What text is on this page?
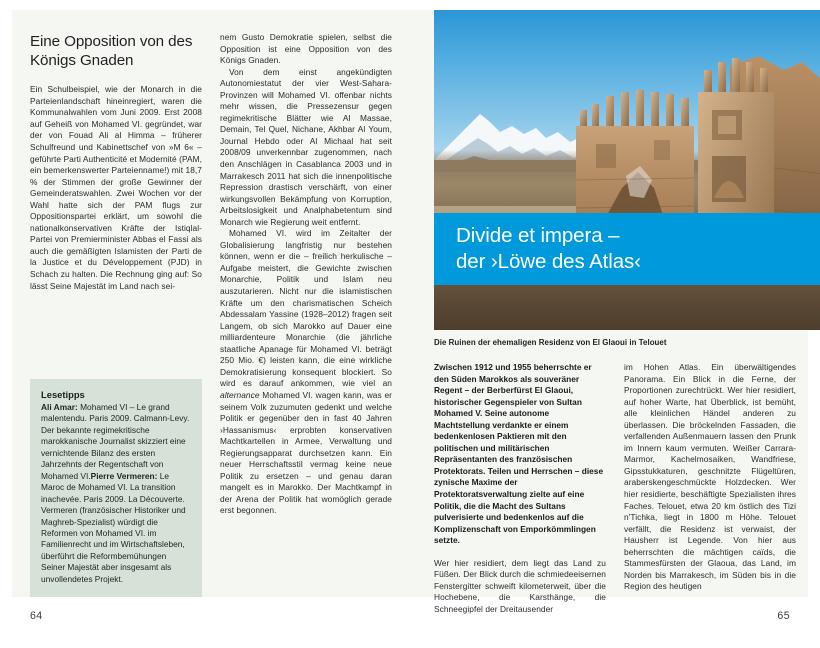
Eine Opposition von des Königs Gnaden

Ein Schulbeispiel, wie der Monarch in die Parteienlandschaft hineinregiert, waren die Kommunalwahlen vom Juni 2009. Erst 2008 auf Geheiß von Mohamed VI. gegründet, war der von Fouad Ali al Himma – früherer Schulfreund und Kabinettschef von »M 6« – geführte Parti Authenticité et Modernité (PAM, ein bemerkenswerter Parteienname!) mit 18,7 % der Stimmen der große Gewinner der Gemeinderatswahlen. Zwei Wochen vor der Wahl hatte sich der PAM flugs zur Oppositionspartei erklärt, um sowohl die nationalkonservativen Kräfte der Istiqlal-Partei von Premierminister Abbas el Fassi als auch die gemäßigten Islamisten der Parti de la Justice et du Développement (PJD) in Schach zu halten. Die Rechnung ging auf: So lässt Seine Majestät im Land nach sei-

Lesetipps

Ali Amar: Mohamed VI – Le grand malentendu. Paris 2009. Calmann-Levy. Der bekannte regimekritische marokkanische Journalist skizziert eine vernichtende Bilanz des ersten Jahrzehnts der Regentschaft von Mohamed VI.Pierre Vermeren: Le Maroc de Mohamed VI. La transition inachevée. Paris 2009. La Découverte. Vermeren (französischer Historiker und Maghreb-Spezialist) würdigt die Reformen von Mohamed VI. im Familienrecht und im Wirtschaftsleben, überführt die Reformbemühungen Seiner Majestät aber insgesamt als unvollendetes Projekt.

nem Gusto Demokratie spielen, selbst die Opposition ist eine Opposition von des Königs Gnaden.

Von dem einst angekündigten Autonomiestatut der vier West-Sahara-Provinzen will Mohamed VI. offenbar nichts mehr wissen, die Pressezensur gegen regimekritische Blätter wie Al Massae, Demain, Tel Quel, Nichane, Akhbar Al Youm, Journal Hebdo oder Al Michaal hat seit 2008/09 unverkennbar zugenommen, nach den Anschlägen in Casablanca 2003 und in Marrakesch 2011 hat sich die innenpolitische Repression drastisch verschärft, von einer wirkungsvollen Bekämpfung von Korruption, Arbeitslosigkeit und Analphabetentum sind Monarch wie Regierung weit entfernt.

Mohamed VI. wird im Zeitalter der Globalisierung langfristig nur bestehen können, wenn er die – freilich herkulische – Aufgabe meistert, die Gewichte zwischen Monarchie, Politik und Islam neu auszutarieren. Nicht nur die islamistischen Kräfte um den charismatischen Scheich Abdessalam Yassine (1928–2012) fragen seit Langem, ob sich Marokko auf Dauer eine milliardenteure Monarchie (die jährliche staatliche Apanage für Mohamed VI. beträgt 250 Mio. €) leisten kann, die eine wirkliche Demokratisierung konsequent blockiert. So wird es darauf ankommen, wie viel an alternance Mohamed VI. wagen kann, was er seinem Volk zuzumuten gedenkt und welche Politik er gegenüber den in fast 40 Jahren ›Hassanismus‹ erprobten konservativen Machtkartellen in Armee, Verwaltung und Regierungsapparat durchsetzen kann. Ein neuer Herrschaftsstil vermag keine neue Politik zu ersetzen – und genau daran mangelt es in Marokko. Der Machtkampf in der Arena der Politik hat womöglich gerade erst begonnen.

64
Divide et impera –
der ›Löwe des Atlas‹
Die Ruinen der ehemaligen Residenz von El Glaoui in Telouet

Zwischen 1912 und 1955 beherrschte er den Süden Marokkos als souveräner Regent – der Berberfürst El Glaoui, historischer Gegenspieler von Sultan Mohamed V. Seine autonome Machtstellung verdankte er einem bedenkenlosen Paktieren mit den politischen und militärischen Repräsentanten des französischen Protektorats. Teilen und Herrschen – diese zynische Maxime der Protektoratsverwaltung zielte auf eine Politik, die die Macht des Sultans pulverisierte und bedenkenlos auf die Komplizenschaft von Emporkömmlingen setzte.

Wer hier residiert, dem liegt das Land zu Füßen. Der Blick durch die schmiedeeisernen Fenstergitter schweift kilometerweit, über die Hochebene, die Karsthänge, die Schneegipfel der Dreitausender

im Hohen Atlas. Ein überwältigendes Panorama. Ein Blick in die Ferne, der Proportionen zurechtrückt. Wer hier residiert, auf hoher Warte, hat Überblick, ist bemüht, alle kleinlichen Händel anderen zu überlassen. Die bröckelnden Fassaden, die verfallenden Außenmauern lassen den Prunk im Innern kaum vermuten. Weißer Carrara-Marmor, Kachelmosaiken, Wandfriese, Gipsstukkaturen, geschnitzte Flügeltüren, araberskengeschmückte Holzdecken. Wer hier residierte, beschäftigte Spezialisten ihres Faches. Telouet, etwa 20 km östlich des Tizi n'Tichka, liegt in 1800 m Höhe. Telouet verfällt, die Residenz ist verwaist, der Hausherr ist Legende. Von hier aus beherrschten die mächtigen caïds, die Stammesfürsten der Glaoua, das Land, im Norden bis Marrakesch, im Süden bis in die Region des heutigen

65
